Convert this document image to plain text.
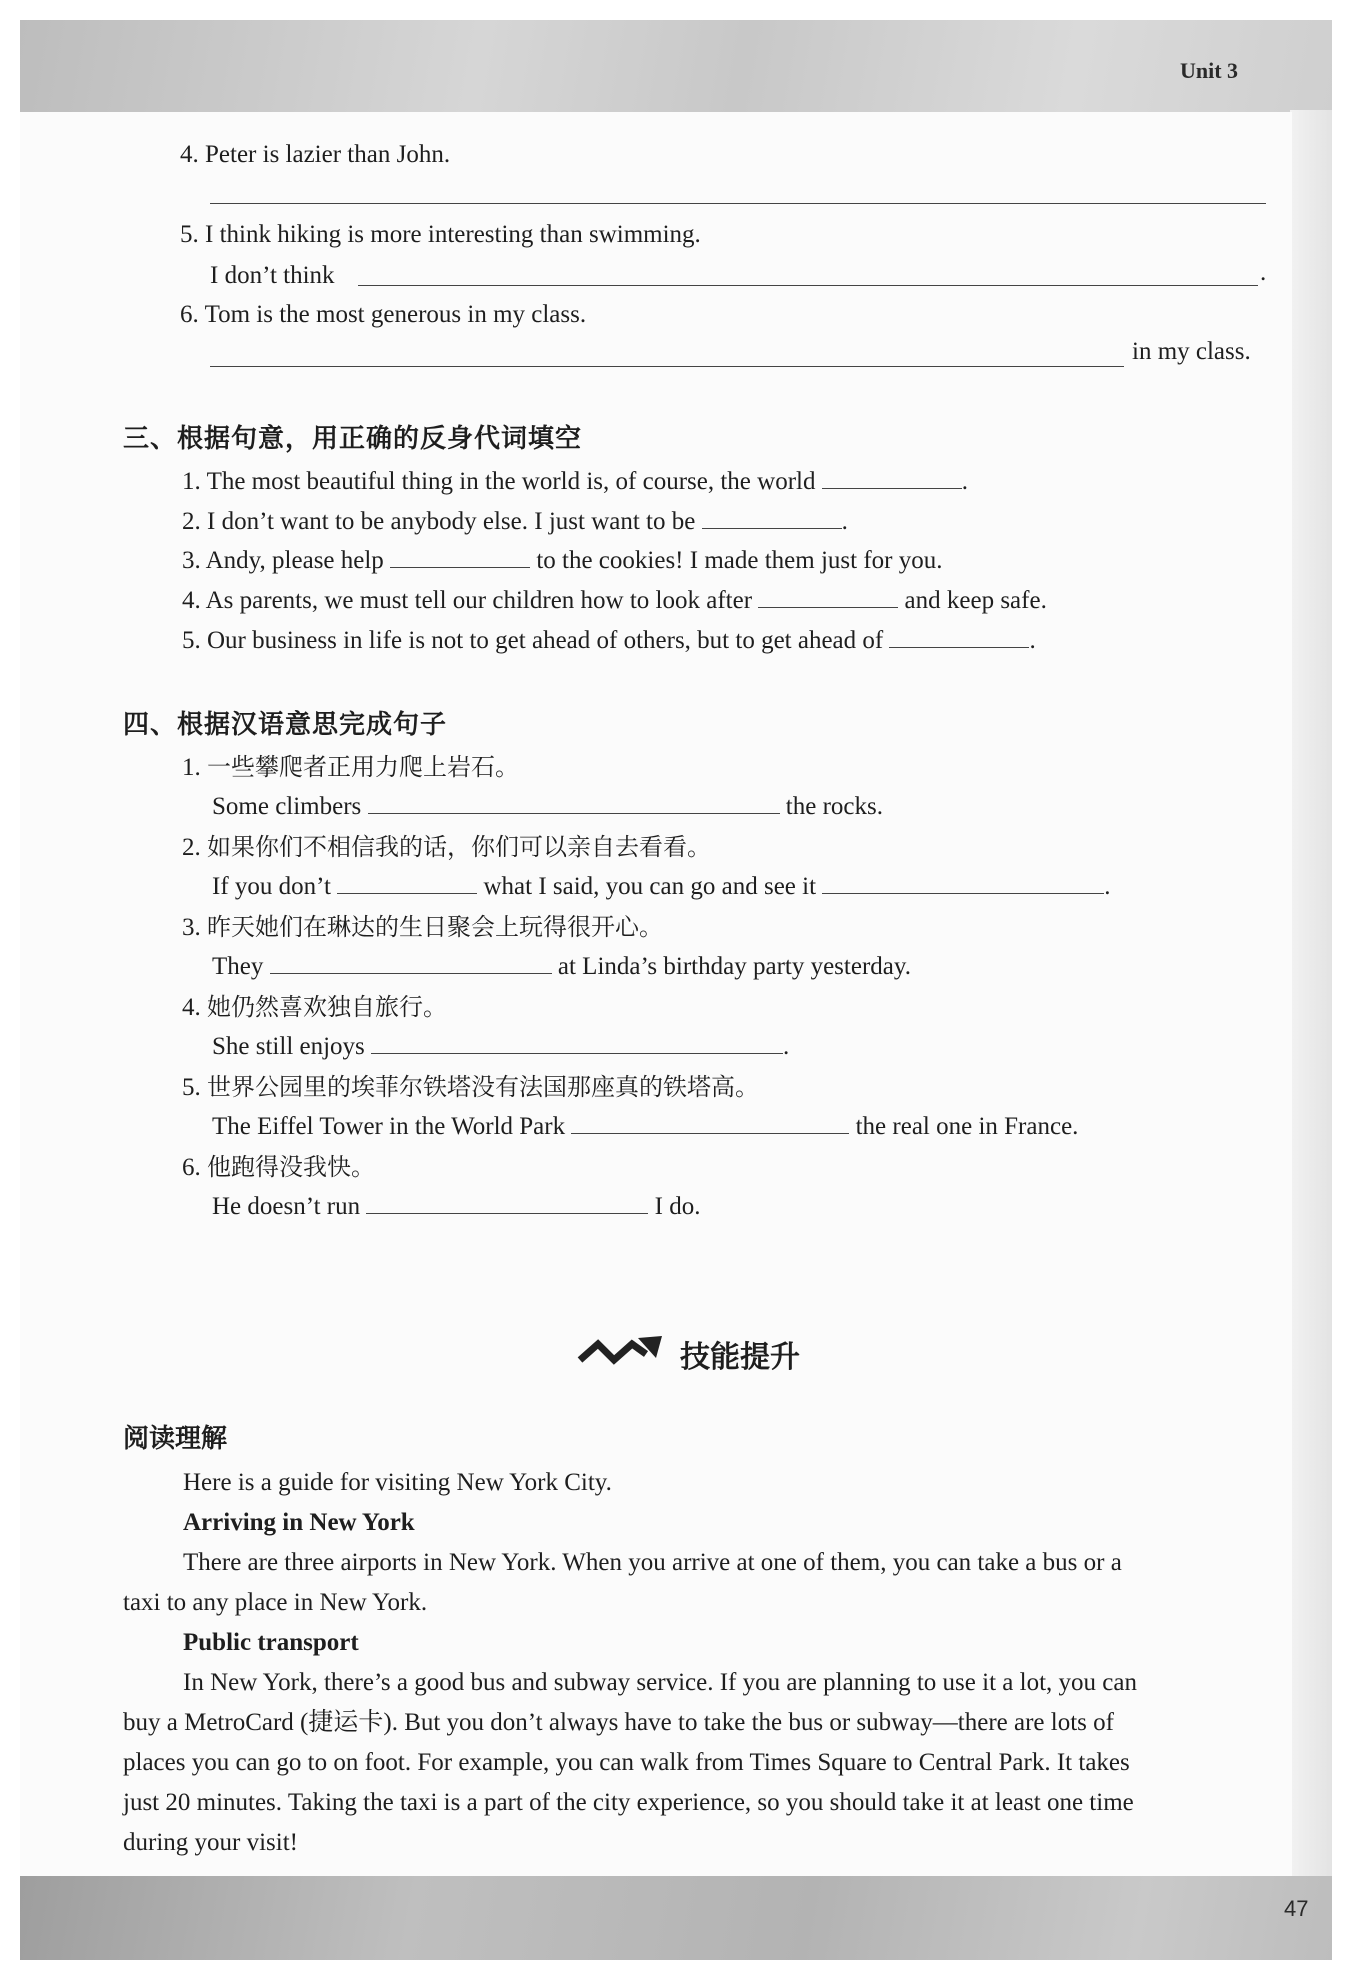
Unit 3
47
4. Peter is lazier than John.
5. I think hiking is more interesting than swimming.
I don’t think	.
6. Tom is the most generous in my class.
in my class.
三、根据句意，用正确的反身代词填空
1. The most beautiful thing in the world is, of course, the world	.
2. I don’t want to be anybody else. I just want to be	.
3. Andy, please help	to the cookies! I made them just for you.
4. As parents, we must tell our children how to look after	and keep safe.
5. Our business in life is not to get ahead of others, but to get ahead of	.
四、根据汉语意思完成句子
1. 一些攀爬者正用力爬上岩石。
Some climbers	the rocks.
2. 如果你们不相信我的话，你们可以亲自去看看。
If you don’t	what I said, you can go and see it	.
3. 昨天她们在琳达的生日聚会上玩得很开心。
They	at Linda’s birthday party yesterday.
4. 她仍然喜欢独自旅行。
She still enjoys	.
5. 世界公园里的埃菲尔铁塔没有法国那座真的铁塔高。
The Eiffel Tower in the World Park	the real one in France.
6. 他跑得没我快。
He doesn’t run	I do.
技能提升
阅读理解
Here is a guide for visiting New York City.
Arriving in New York
There are three airports in New York. When you arrive at one of them, you can take a bus or a
taxi to any place in New York.
Public transport
In New York, there’s a good bus and subway service. If you are planning to use it a lot, you can
buy a MetroCard (捷运卡). But you don’t always have to take the bus or subway—there are lots of
places you can go to on foot. For example, you can walk from Times Square to Central Park. It takes
just 20 minutes. Taking the taxi is a part of the city experience, so you should take it at least one time
during your visit!
